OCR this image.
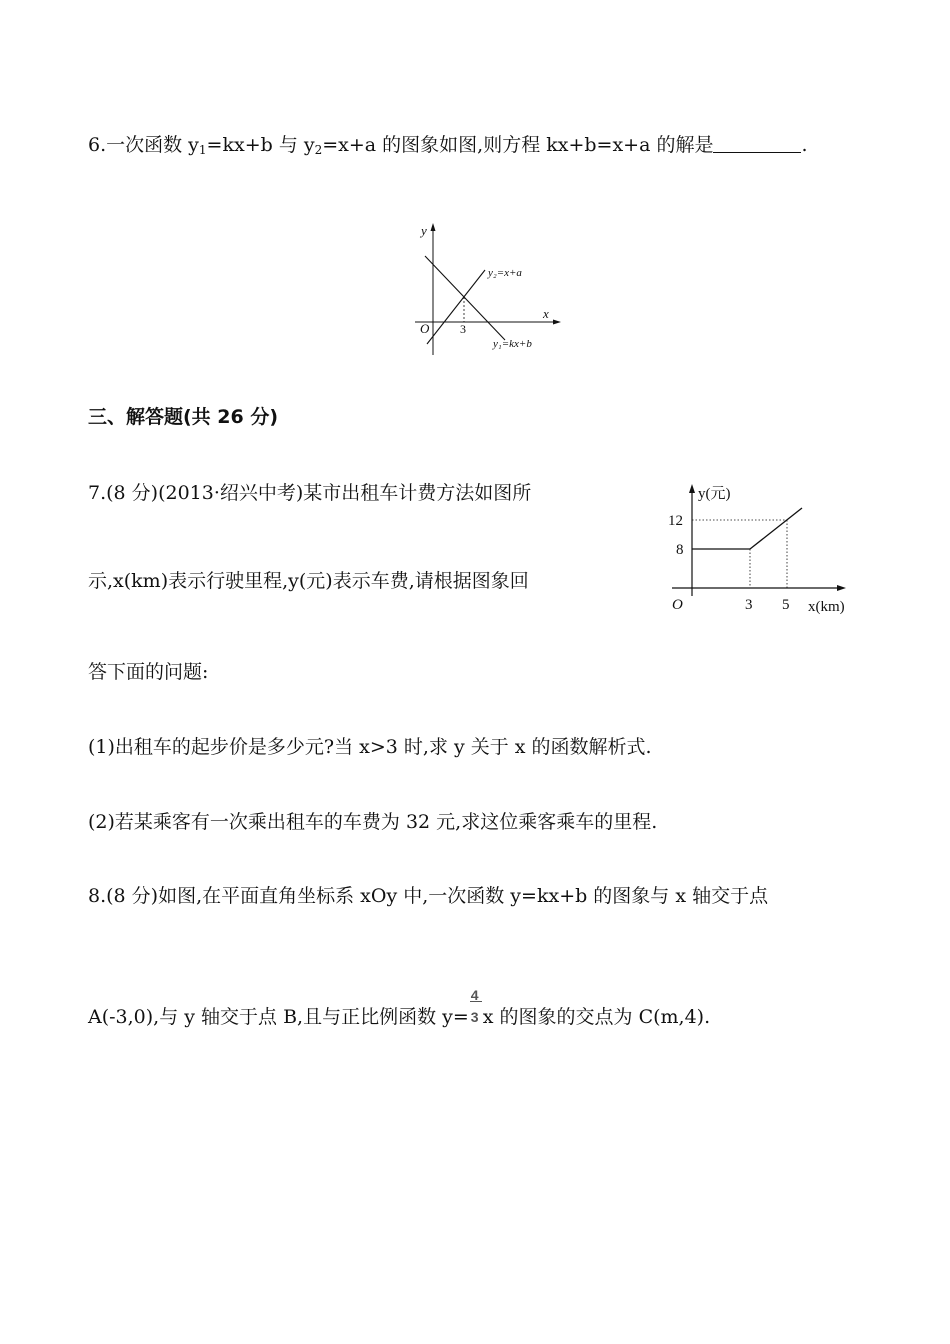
6.一次函数 $y_1=kx+b$ 与 $y_2=x+a$ 的图象如图,则方程 kx+b=x+a 的解是	.
y
x
O	3
y₂=x+a
y₁=kx+b
三、解答题(共 26 分)
7.(8 分)(2013·绍兴中考)某市出租车计费方法如图所
示,x(km)表示行驶里程,y(元)表示车费,请根据图象回
答下面的问题:
(1)出租车的起步价是多少元?当 x>3 时,求 y 关于 x 的函数解析式.
(2)若某乘客有一次乘出租车的车费为 32 元,求这位乘客乘车的里程.
y(元)
x(km)
O
12
8
3 5
8.(8 分)如图,在平面直角坐标系 xOy 中,一次函数 y=kx+b 的图象与 x 轴交于点
A(-3,0),与 y 轴交于点 B,且与正比例函数 $y= \frac{4}{3}$ x 的图象的交点为 C(m,4).
